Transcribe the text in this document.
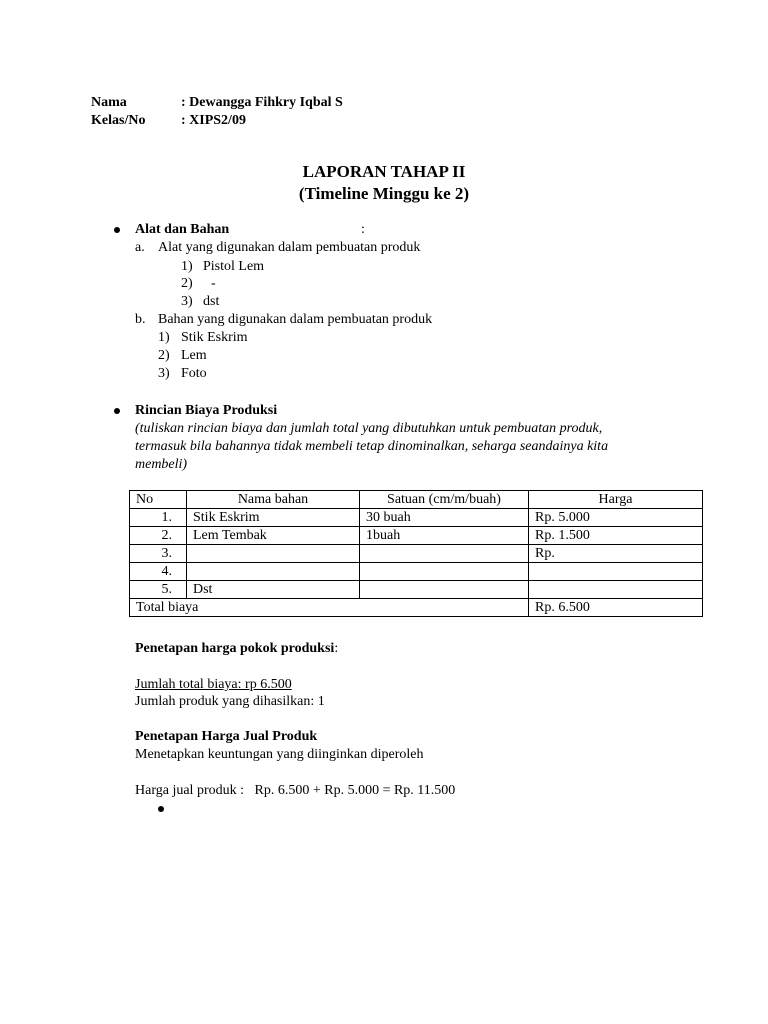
Nama	: Dewangga Fihkry Iqbal S
Kelas/No	: XIPS2/09
LAPORAN TAHAP II
(Timeline Minggu ke 2)
Alat dan Bahan	:
a. Alat yang digunakan dalam pembuatan produk
1) Pistol Lem
2) -
3) dst
b. Bahan yang digunakan dalam pembuatan produk
1) Stik Eskrim
2) Lem
3) Foto
Rincian Biaya Produksi
(tuliskan rincian biaya dan jumlah total yang dibutuhkan untuk pembuatan produk,
termasuk bila bahannya tidak membeli tetap dinominalkan, seharga seandainya kita
membeli)
No	Nama bahan	Satuan (cm/m/buah)	Harga
1.	Stik Eskrim	30 buah	Rp. 5.000
2.	Lem Tembak	1buah	Rp. 1.500
3.			Rp.
4.			
5.	Dst		
Total biaya			Rp. 6.500
Penetapan harga pokok produksi:
Jumlah total biaya: rp 6.500
Jumlah produk yang dihasilkan: 1
Penetapan Harga Jual Produk
Menetapkan keuntungan yang diinginkan diperoleh
Harga jual produk :   Rp. 6.500 + Rp. 5.000 = Rp. 11.500
